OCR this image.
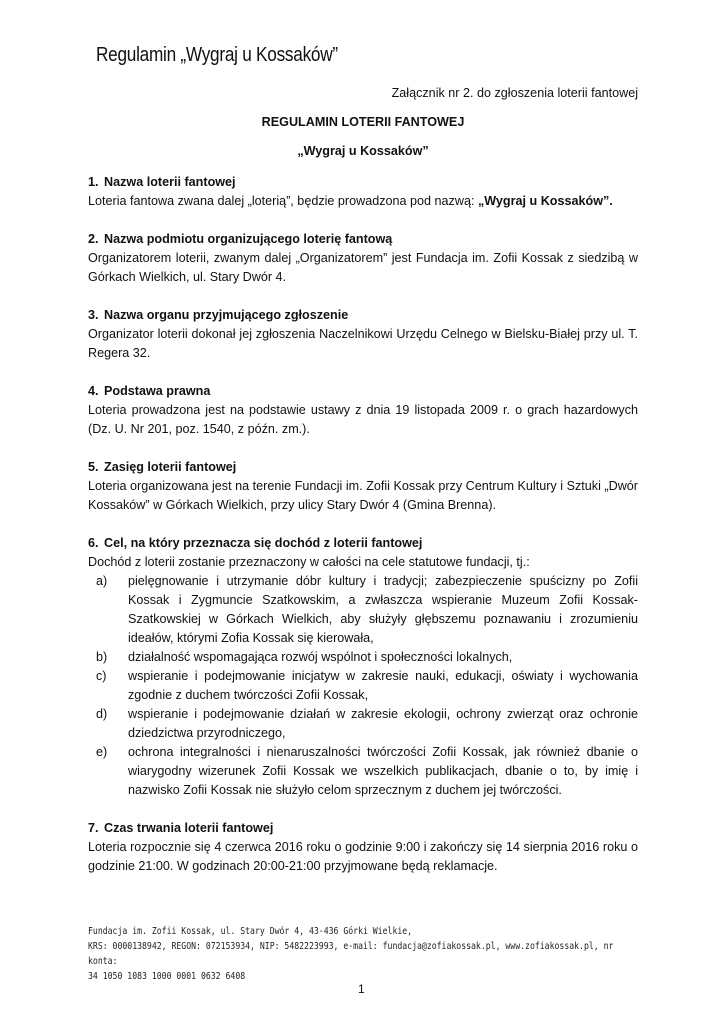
Regulamin „Wygraj u Kossaków”

Załącznik nr 2. do zgłoszenia loterii fantowej

REGULAMIN LOTERII FANTOWEJ

„Wygraj u Kossaków”

1. Nazwa loterii fantowej
Loteria fantowa zwana dalej „loterią”, będzie prowadzona pod nazwą: „Wygraj u Kossaków”.
2. Nazwa podmiotu organizującego loterię fantową
Organizatorem loterii, zwanym dalej „Organizatorem” jest Fundacja im. Zofii Kossak z siedzibą w Górkach Wielkich, ul. Stary Dwór 4.
3. Nazwa organu przyjmującego zgłoszenie
Organizator loterii dokonał jej zgłoszenia Naczelnikowi Urzędu Celnego w Bielsku-Białej przy ul. T. Regera 32.
4. Podstawa prawna
Loteria prowadzona jest na podstawie ustawy z dnia 19 listopada 2009 r. o grach hazardowych (Dz. U. Nr 201, poz. 1540, z późn. zm.).
5. Zasięg loterii fantowej
Loteria organizowana jest na terenie Fundacji im. Zofii Kossak przy Centrum Kultury i Sztuki „Dwór Kossaków” w Górkach Wielkich, przy ulicy Stary Dwór 4 (Gmina Brenna).
6. Cel, na który przeznacza się dochód z loterii fantowej
Dochód z loterii zostanie przeznaczony w całości na cele statutowe fundacji, tj.:
a)	pielęgnowanie i utrzymanie dóbr kultury i tradycji; zabezpieczenie spuścizny po Zofii Kossak i Zygmuncie Szatkowskim, a zwłaszcza wspieranie Muzeum Zofii Kossak-Szatkowskiej w Górkach Wielkich, aby służyły głębszemu poznawaniu i zrozumieniu ideałów, którymi Zofia Kossak się kierowała,
b)	działalność wspomagająca rozwój wspólnot i społeczności lokalnych,
c)	wspieranie i podejmowanie inicjatyw w zakresie nauki, edukacji, oświaty i wychowania zgodnie z duchem twórczości Zofii Kossak,
d)	wspieranie i podejmowanie działań w zakresie ekologii, ochrony zwierząt oraz ochronie dziedzictwa przyrodniczego,
e)	ochrona integralności i nienaruszalności twórczości Zofii Kossak, jak również dbanie o wiarygodny wizerunek Zofii Kossak we wszelkich publikacjach, dbanie o to, by imię i nazwisko Zofii Kossak nie służyło celom sprzecznym z duchem jej twórczości.
7. Czas trwania loterii fantowej
Loteria rozpocznie się 4 czerwca 2016 roku o godzinie 9:00 i zakończy się 14 sierpnia 2016 roku o godzinie 21:00. W godzinach 20:00-21:00 przyjmowane będą reklamacje.
Fundacja im. Zofii Kossak, ul. Stary Dwór 4, 43-436 Górki Wielkie,
KRS: 0000138942, REGON: 072153934, NIP: 5482223993, e-mail: fundacja@zofiakossak.pl, www.zofiakossak.pl, nr konta:
34 1050 1083 1000 0001 0632 6408
1
